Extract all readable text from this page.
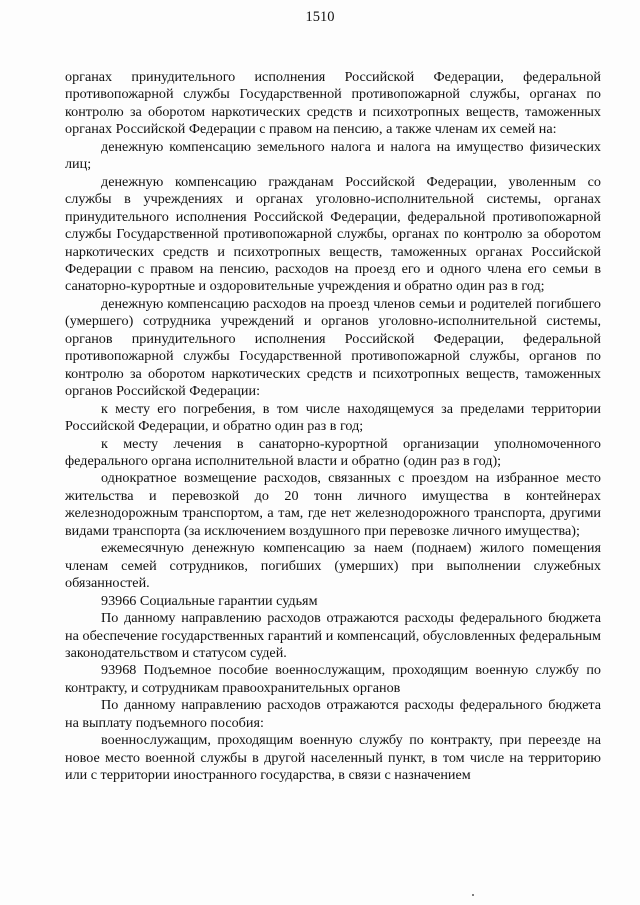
1510

органах принудительного исполнения Российской Федерации, федеральной противопожарной службы Государственной противопожарной службы, органах по контролю за оборотом наркотических средств и психотропных веществ, таможенных органах Российской Федерации с правом на пенсию, а также членам их семей на:

денежную компенсацию земельного налога и налога на имущество физических лиц;

денежную компенсацию гражданам Российской Федерации, уволенным со службы в учреждениях и органах уголовно-исполнительной системы, органах принудительного исполнения Российской Федерации, федеральной противопожарной службы Государственной противопожарной службы, органах по контролю за оборотом наркотических средств и психотропных веществ, таможенных органах Российской Федерации с правом на пенсию, расходов на проезд его и одного члена его семьи в санаторно-курортные и оздоровительные учреждения и обратно один раз в год;

денежную компенсацию расходов на проезд членов семьи и родителей погибшего (умершего) сотрудника учреждений и органов уголовно-исполнительной системы, органов принудительного исполнения Российской Федерации, федеральной противопожарной службы Государственной противопожарной службы, органов по контролю за оборотом наркотических средств и психотропных веществ, таможенных органов Российской Федерации:

к месту его погребения, в том числе находящемуся за пределами территории Российской Федерации, и обратно один раз в год;

к месту лечения в санаторно-курортной организации уполномоченного федерального органа исполнительной власти и обратно (один раз в год);

однократное возмещение расходов, связанных с проездом на избранное место жительства и перевозкой до 20 тонн личного имущества в контейнерах железнодорожным транспортом, а там, где нет железнодорожного транспорта, другими видами транспорта (за исключением воздушного при перевозке личного имущества);

ежемесячную денежную компенсацию за наем (поднаем) жилого помещения членам семей сотрудников, погибших (умерших) при выполнении служебных обязанностей.

93966 Социальные гарантии судьям

По данному направлению расходов отражаются расходы федерального бюджета на обеспечение государственных гарантий и компенсаций, обусловленных федеральным законодательством и статусом судей.

93968 Подъемное пособие военнослужащим, проходящим военную службу по контракту, и сотрудникам правоохранительных органов

По данному направлению расходов отражаются расходы федерального бюджета на выплату подъемного пособия:

военнослужащим, проходящим военную службу по контракту, при переезде на новое место военной службы в другой населенный пункт, в том числе на территорию или с территории иностранного государства, в связи с назначением
